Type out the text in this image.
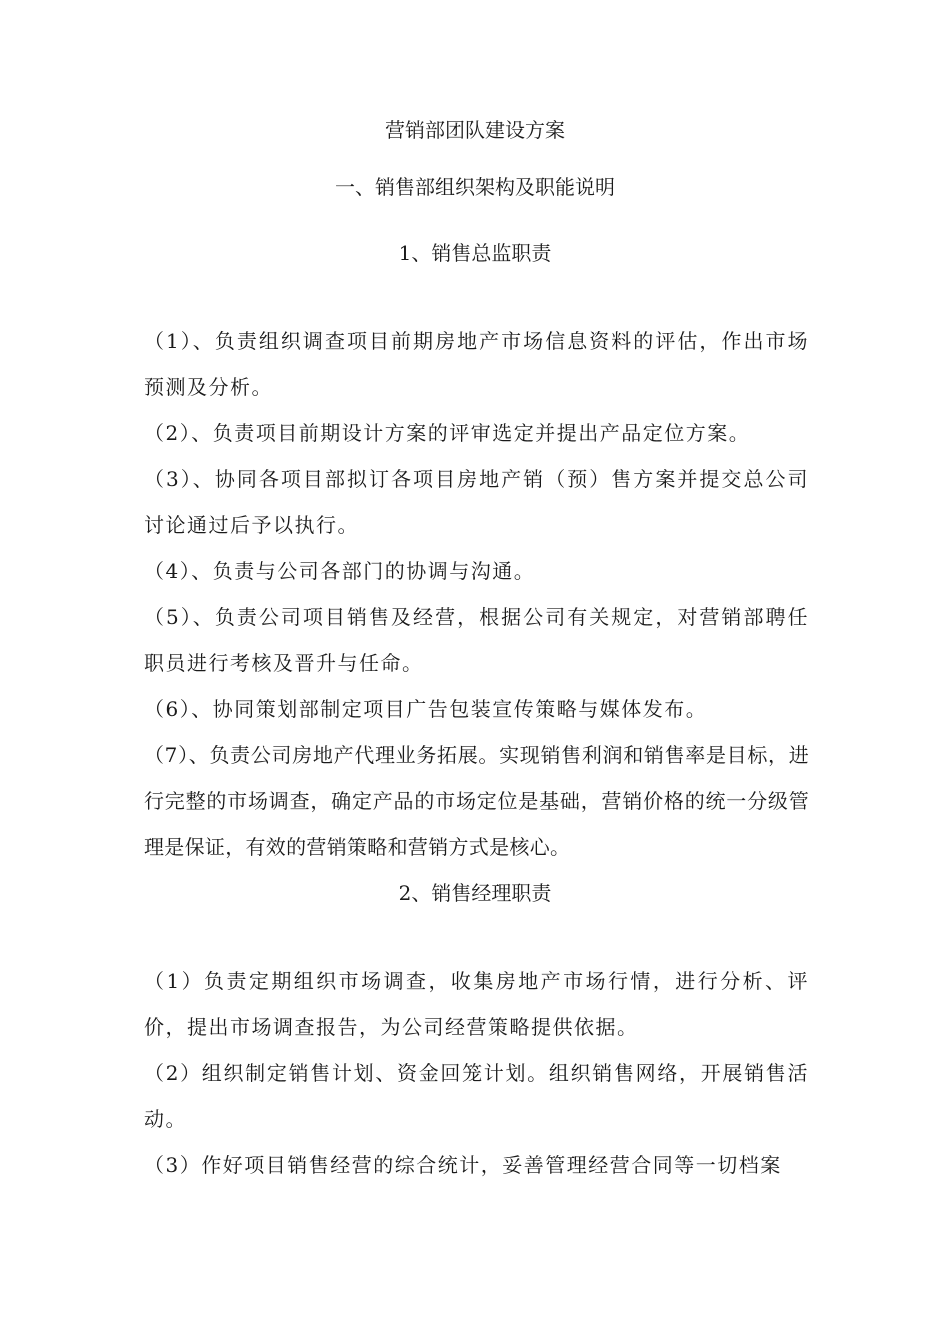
营销部团队建设方案
一、销售部组织架构及职能说明
1、销售总监职责
（1）、负责组织调查项目前期房地产市场信息资料的评估，作出市场预测及分析。
（2）、负责项目前期设计方案的评审选定并提出产品定位方案。
（3）、协同各项目部拟订各项目房地产销（预）售方案并提交总公司讨论通过后予以执行。
（4）、负责与公司各部门的协调与沟通。
（5）、负责公司项目销售及经营，根据公司有关规定，对营销部聘任职员进行考核及晋升与任命。
（6）、协同策划部制定项目广告包装宣传策略与媒体发布。
（7）、负责公司房地产代理业务拓展。实现销售利润和销售率是目标，进行完整的市场调查，确定产品的市场定位是基础，营销价格的统一分级管理是保证，有效的营销策略和营销方式是核心。
2、销售经理职责
（1）负责定期组织市场调查，收集房地产市场行情，进行分析、评价，提出市场调查报告，为公司经营策略提供依据。
（2）组织制定销售计划、资金回笼计划。组织销售网络，开展销售活动。
（3）作好项目销售经营的综合统计，妥善管理经营合同等一切档案
